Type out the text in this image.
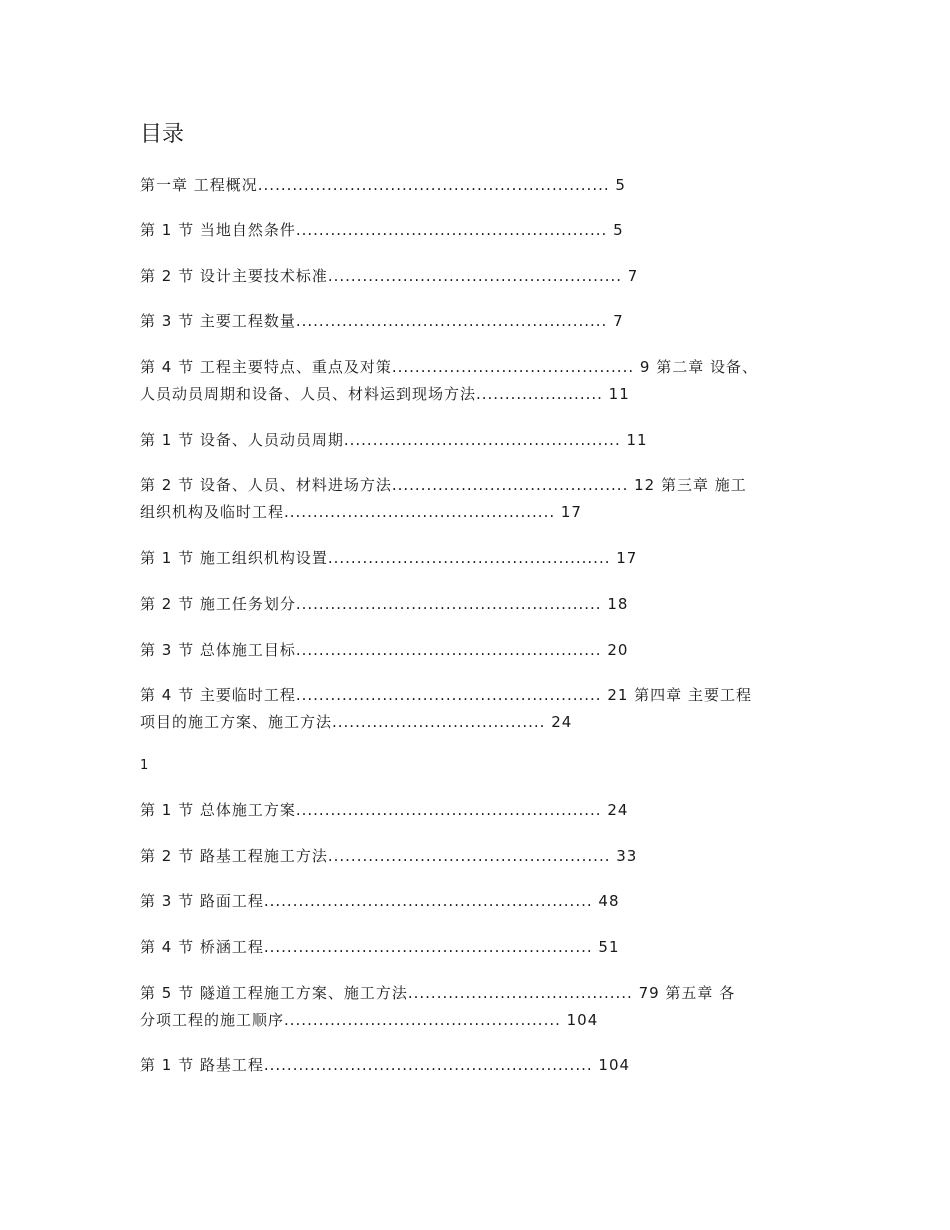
目录
第一章 工程概况............................................................. 5
第 1 节 当地自然条件...................................................... 5
第 2 节 设计主要技术标准................................................... 7
第 3 节 主要工程数量...................................................... 7
第 4 节 工程主要特点、重点及对策.......................................... 9 第二章 设备、
人员动员周期和设备、人员、材料运到现场方法...................... 11
第 1 节 设备、人员动员周期................................................ 11
第 2 节 设备、人员、材料进场方法......................................... 12 第三章 施工
组织机构及临时工程............................................... 17
第 1 节 施工组织机构设置................................................. 17
第 2 节 施工任务划分..................................................... 18
第 3 节 总体施工目标..................................................... 20
第 4 节 主要临时工程..................................................... 21 第四章 主要工程
项目的施工方案、施工方法..................................... 24
1
第 1 节 总体施工方案..................................................... 24
第 2 节 路基工程施工方法................................................. 33
第 3 节 路面工程......................................................... 48
第 4 节 桥涵工程......................................................... 51
第 5 节 隧道工程施工方案、施工方法....................................... 79 第五章 各
分项工程的施工顺序................................................ 104
第 1 节 路基工程......................................................... 104
